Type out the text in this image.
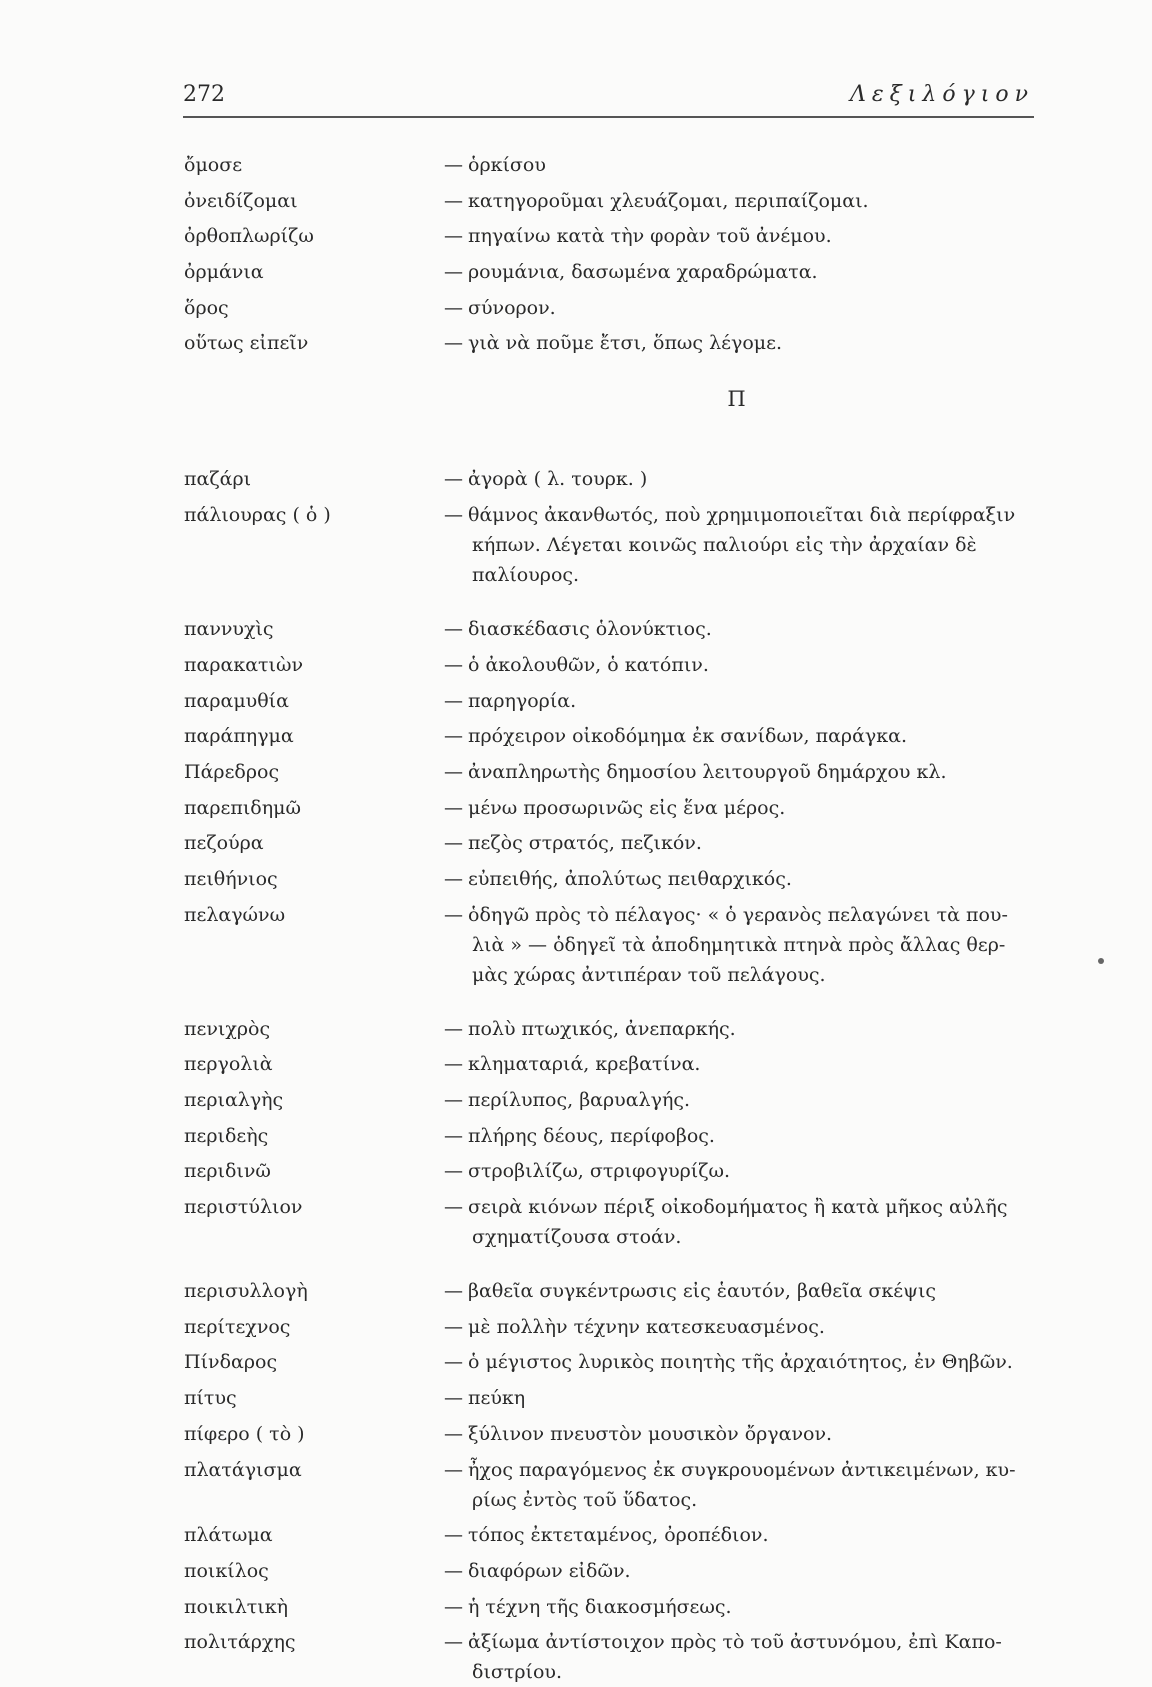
272	Λεξιλόγιον
ὄμοσε	— ὁρκίσου
ὀνειδίζομαι	— κατηγοροῦμαι χλευάζομαι, περιπαίζομαι.
ὀρθοπλωρίζω	— πηγαίνω κατὰ τὴν φορὰν τοῦ ἀνέμου.
ὀρμάνια	— ρουμάνια, δασωμένα χαραδρώματα.
ὅρος	— σύνορον.
οὕτως εἰπεῖν	— γιὰ νὰ ποῦμε ἔτσι, ὅπως λέγομε.
Π
παζάρι	— ἀγορὰ ( λ. τουρκ. )
πάλιουρας ( ὁ )	— θάμνος ἀκανθωτός, ποὺ χρημιμοποιεῖται διὰ περίφραξιν
κήπων. Λέγεται κοινῶς παλιούρι εἰς τὴν ἀρχαίαν δὲ
παλίουρος.
παννυχὶς	— διασκέδασις ὁλονύκτιος.
παρακατιὼν	— ὁ ἀκολουθῶν, ὁ κατόπιν.
παραμυθία	— παρηγορία.
παράπηγμα	— πρόχειρον οἰκοδόμημα ἐκ σανίδων, παράγκα.
Πάρεδρος	— ἀναπληρωτὴς δημοσίου λειτουργοῦ δημάρχου κλ.
παρεπιδημῶ	— μένω προσωρινῶς εἰς ἕνα μέρος.
πεζούρα	— πεζὸς στρατός, πεζικόν.
πειθήνιος	— εὐπειθής, ἀπολύτως πειθαρχικός.
πελαγώνω	— ὁδηγῶ πρὸς τὸ πέλαγος· « ὁ γερανὸς πελαγώνει τὰ που-
λιὰ » — ὁδηγεῖ τὰ ἀποδημητικὰ πτηνὰ πρὸς ἄλλας θερ-
μὰς χώρας ἀντιπέραν τοῦ πελάγους.
πενιχρὸς	— πολὺ πτωχικός, ἀνεπαρκής.
περγολιὰ	— κληματαριά, κρεβατίνα.
περιαλγὴς	— περίλυπος, βαρυαλγής.
περιδεὴς	— πλήρης δέους, περίφοβος.
περιδινῶ	— στροβιλίζω, στριφογυρίζω.
περιστύλιον	— σειρὰ κιόνων πέριξ οἰκοδομήματος ἢ κατὰ μῆκος αὐλῆς
σχηματίζουσα στοάν.
περισυλλογὴ	— βαθεῖα συγκέντρωσις εἰς ἑαυτόν, βαθεῖα σκέψις
περίτεχνος	— μὲ πολλὴν τέχνην κατεσκευασμένος.
Πίνδαρος	— ὁ μέγιστος λυρικὸς ποιητὴς τῆς ἀρχαιότητος, ἐν Θηβῶν.
πίτυς	— πεύκη
πίφερο ( τὸ )	— ξύλινον πνευστὸν μουσικὸν ὄργανον.
πλατάγισμα	— ἦχος παραγόμενος ἐκ συγκρουομένων ἀντικειμένων, κυ-
ρίως ἐντὸς τοῦ ὕδατος.
πλάτωμα	— τόπος ἐκτεταμένος, ὀροπέδιον.
ποικίλος	— διαφόρων εἰδῶν.
ποικιλτικὴ	— ἡ τέχνη τῆς διακοσμήσεως.
πολιτάρχης	— ἀξίωμα ἀντίστοιχον πρὸς τὸ τοῦ ἀστυνόμου, ἐπὶ Καπο-
διστρίου.
